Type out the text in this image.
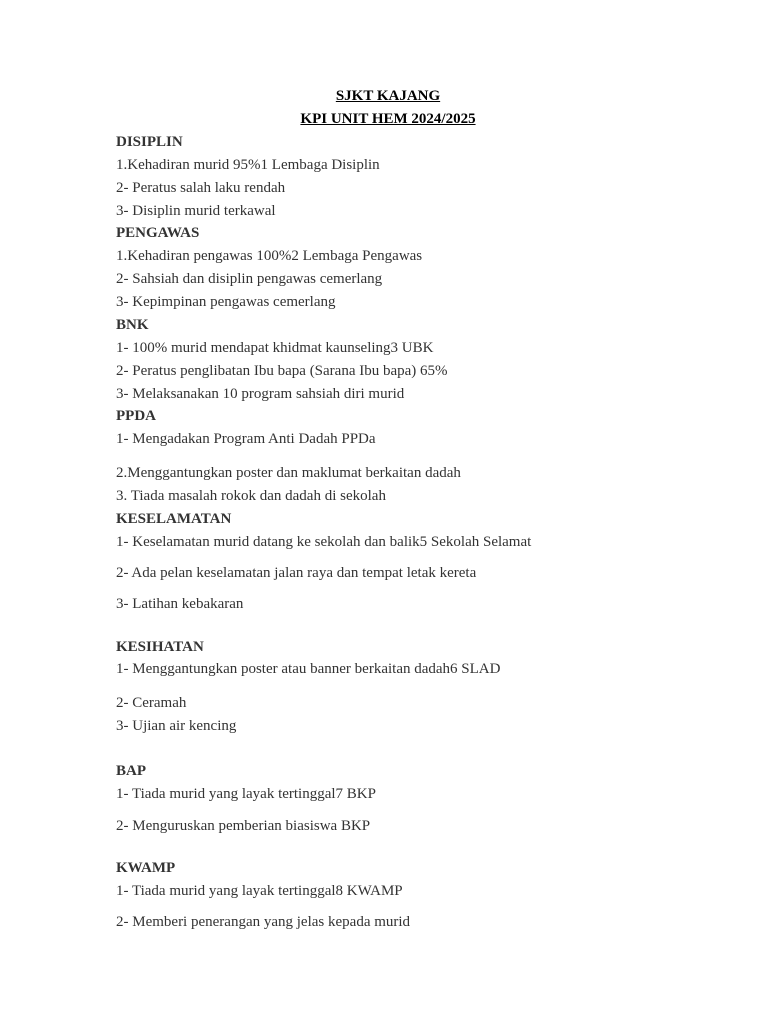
SJKT KAJANG
KPI UNIT HEM 2024/2025
DISIPLIN
1.Kehadiran murid 95%1 Lembaga Disiplin
2- Peratus salah laku rendah
3- Disiplin murid terkawal
PENGAWAS
1.Kehadiran pengawas 100%2 Lembaga Pengawas
2- Sahsiah dan disiplin pengawas cemerlang
3- Kepimpinan pengawas cemerlang
BNK
1- 100% murid mendapat khidmat kaunseling3 UBK
2- Peratus penglibatan Ibu bapa (Sarana Ibu bapa) 65%
3- Melaksanakan 10 program sahsiah diri murid
PPDA
1- Mengadakan Program Anti Dadah PPDa
2.Menggantungkan poster dan maklumat berkaitan dadah
3. Tiada masalah rokok dan dadah di sekolah
KESELAMATAN
1- Keselamatan murid datang ke sekolah dan balik5 Sekolah Selamat
2- Ada pelan keselamatan jalan raya dan tempat letak kereta
3- Latihan kebakaran
KESIHATAN
1- Menggantungkan poster atau banner berkaitan dadah6 SLAD
2- Ceramah
3- Ujian air kencing
BAP
1- Tiada murid yang layak tertinggal7 BKP
2- Menguruskan pemberian biasiswa BKP
KWAMP
1- Tiada murid yang layak tertinggal8 KWAMP
2- Memberi penerangan yang jelas kepada murid
